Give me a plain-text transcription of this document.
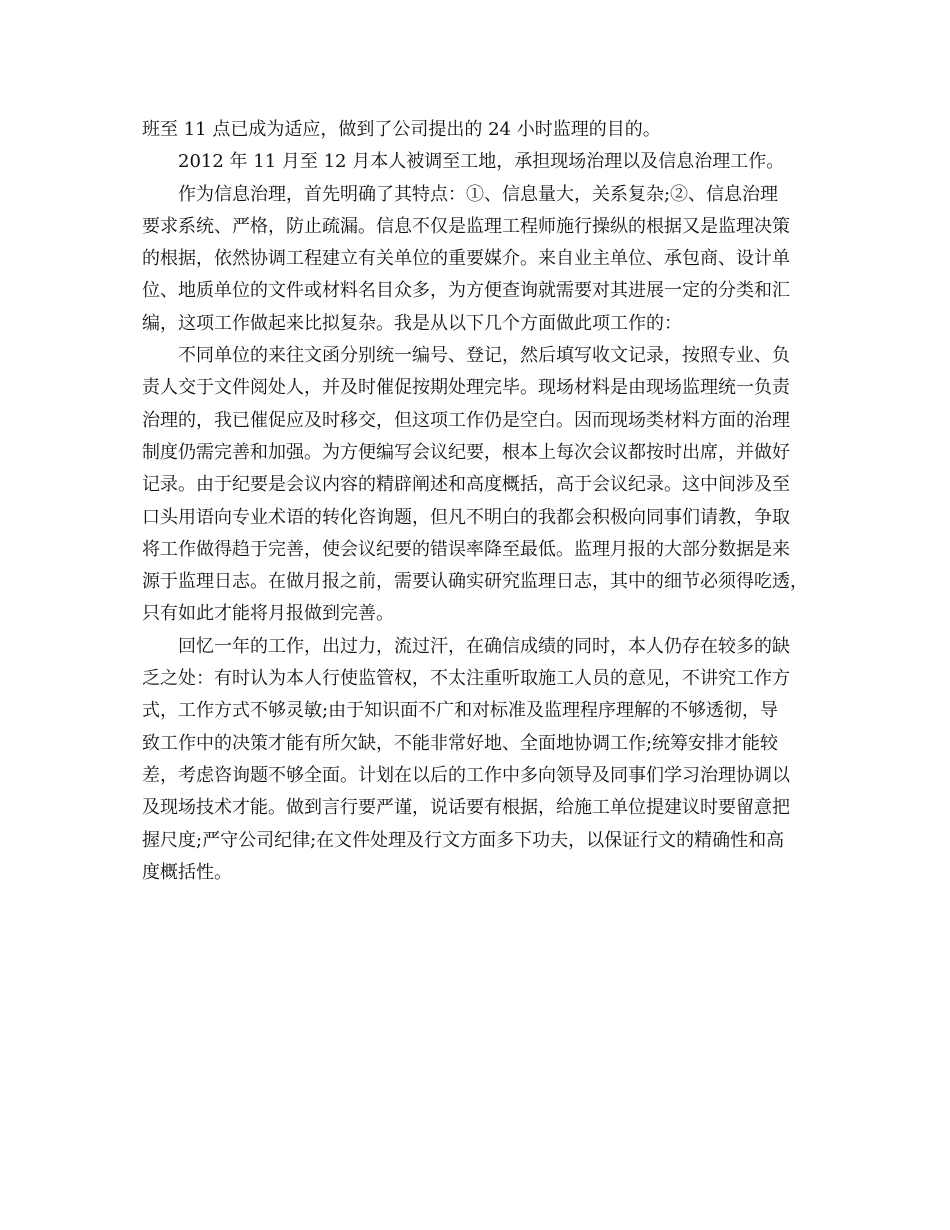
班至 11 点已成为适应，做到了公司提出的 24 小时监理的目的。

2012 年 11 月至 12 月本人被调至工地，承担现场治理以及信息治理工作。

作为信息治理，首先明确了其特点：①、信息量大，关系复杂;②、信息治理
要求系统、严格，防止疏漏。信息不仅是监理工程师施行操纵的根据又是监理决策
的根据，依然协调工程建立有关单位的重要媒介。来自业主单位、承包商、设计单
位、地质单位的文件或材料名目众多，为方便查询就需要对其进展一定的分类和汇
编，这项工作做起来比拟复杂。我是从以下几个方面做此项工作的：

不同单位的来往文函分别统一编号、登记，然后填写收文记录，按照专业、负
责人交于文件阅处人，并及时催促按期处理完毕。现场材料是由现场监理统一负责
治理的，我已催促应及时移交，但这项工作仍是空白。因而现场类材料方面的治理
制度仍需完善和加强。为方便编写会议纪要，根本上每次会议都按时出席，并做好
记录。由于纪要是会议内容的精辟阐述和高度概括，高于会议纪录。这中间涉及至
口头用语向专业术语的转化咨询题，但凡不明白的我都会积极向同事们请教，争取
将工作做得趋于完善，使会议纪要的错误率降至最低。监理月报的大部分数据是来
源于监理日志。在做月报之前，需要认确实研究监理日志，其中的细节必须得吃透，
只有如此才能将月报做到完善。

回忆一年的工作，出过力，流过汗，在确信成绩的同时，本人仍存在较多的缺
乏之处：有时认为本人行使监管权，不太注重听取施工人员的意见，不讲究工作方
式，工作方式不够灵敏;由于知识面不广和对标准及监理程序理解的不够透彻，导
致工作中的决策才能有所欠缺，不能非常好地、全面地协调工作;统筹安排才能较
差，考虑咨询题不够全面。计划在以后的工作中多向领导及同事们学习治理协调以
及现场技术才能。做到言行要严谨，说话要有根据，给施工单位提建议时要留意把
握尺度;严守公司纪律;在文件处理及行文方面多下功夫，以保证行文的精确性和高
度概括性。
